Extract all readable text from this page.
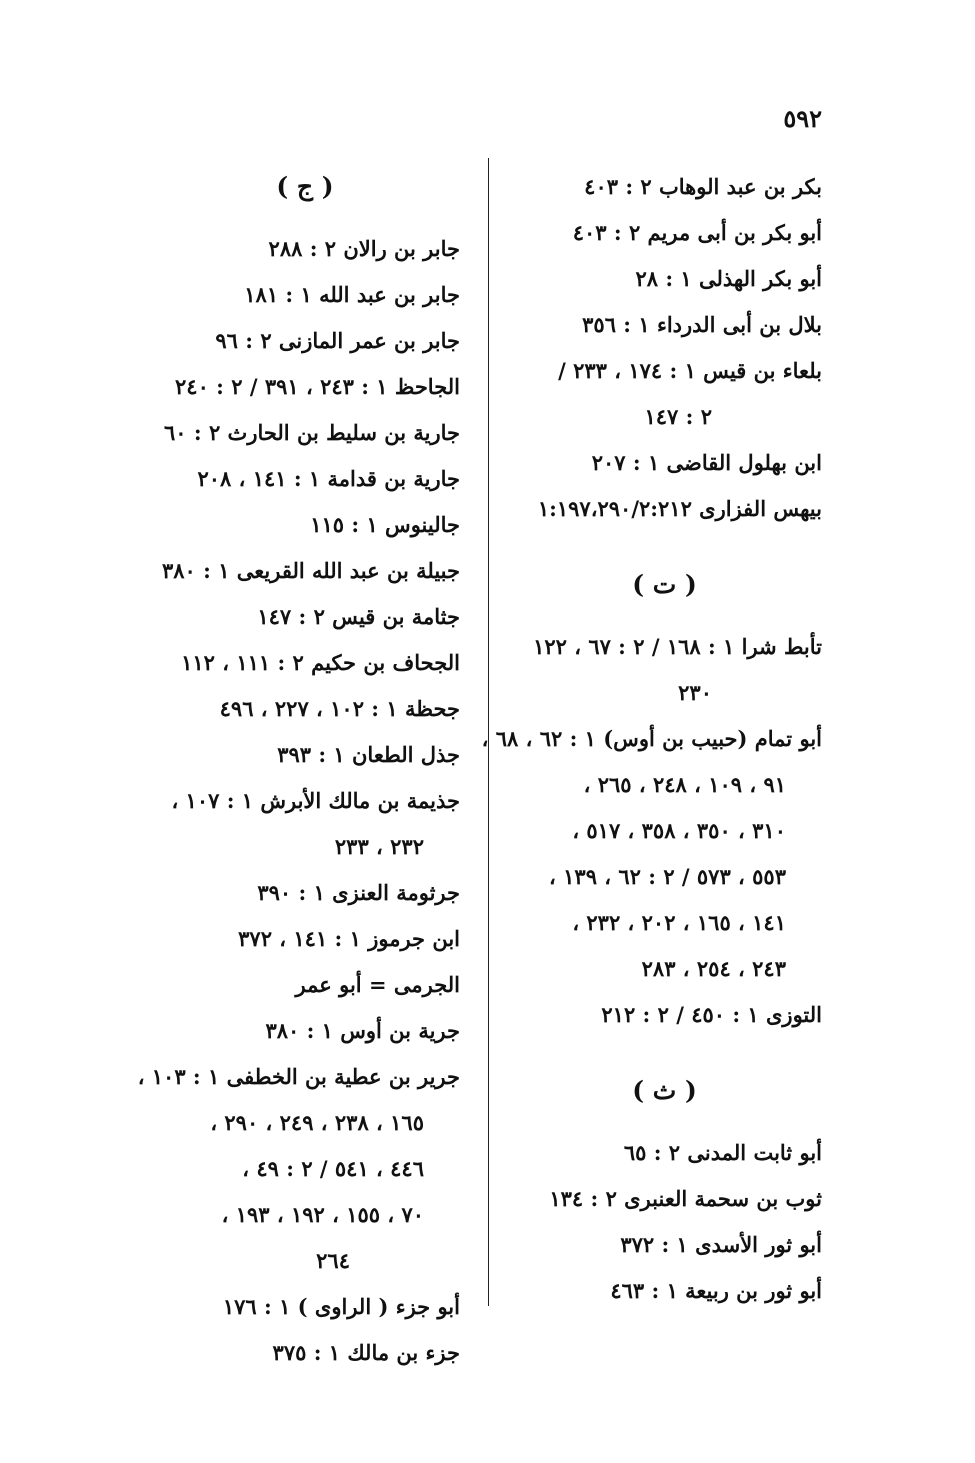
٥٩٢
بكر بن عبد الوهاب ٢ : ٤٠٣
أبو بكر بن أبى مريم ٢ : ٤٠٣
أبو بكر الهذلى ١ : ٢٨
بلال بن أبى الدرداء ١ : ٣٥٦
بلعاء بن قيس ١ : ١٧٤ ، ٢٣٣ /
٢ : ١٤٧
ابن بهلول القاضى ١ : ٢٠٧
بيهس الفزارى ١:١٩٧،٢٩٠/٢:٢١٢
( ت )
تأبط شرا ١ : ١٦٨ / ٢ : ٦٧ ، ١٢٢
٢٣٠
أبو تمام (حبيب بن أوس) ١ : ٦٢ ، ٦٨ ،
٩١ ، ١٠٩ ، ٢٤٨ ، ٢٦٥ ،
٣١٠ ، ٣٥٠ ، ٣٥٨ ، ٥١٧ ،
٥٥٣ ، ٥٧٣ / ٢ : ٦٢ ، ١٣٩ ،
١٤١ ، ١٦٥ ، ٢٠٢ ، ٢٣٢ ،
٢٤٣ ، ٢٥٤ ، ٢٨٣
التوزى ١ : ٤٥٠ / ٢ : ٢١٢
( ث )
أبو ثابت المدنى ٢ : ٦٥
ثوب بن سحمة العنبرى ٢ : ١٣٤
أبو ثور الأسدى ١ : ٣٧٢
أبو ثور بن ربيعة ١ : ٤٦٣
( ج )
جابر بن رالان ٢ : ٢٨٨
جابر بن عبد الله ١ : ١٨١
جابر بن عمر المازنى ٢ : ٩٦
الجاحظ ١ : ٢٤٣ ، ٣٩١ / ٢ : ٢٤٠
جارية بن سليط بن الحارث ٢ : ٦٠
جارية بن قدامة ١ : ١٤١ ، ٢٠٨
جالينوس ١ : ١١٥
جبيلة بن عبد الله القريعى ١ : ٣٨٠
جثامة بن قيس ٢ : ١٤٧
الجحاف بن حكيم ٢ : ١١١ ، ١١٢
جحظة ١ : ١٠٢ ، ٢٢٧ ، ٤٩٦
جذل الطعان ١ : ٣٩٣
جذيمة بن مالك الأبرش ١ : ١٠٧ ،
٢٣٢ ، ٢٣٣
جرثومة العنزى ١ : ٣٩٠
ابن جرموز ١ : ١٤١ ، ٣٧٢
الجرمى = أبو عمر
جرية بن أوس ١ : ٣٨٠
جرير بن عطية بن الخطفى ١ : ١٠٣ ،
١٦٥ ، ٢٣٨ ، ٢٤٩ ، ٢٩٠ ،
٤٤٦ ، ٥٤١ / ٢ : ٤٩ ،
٧٠ ، ١٥٥ ، ١٩٢ ، ١٩٣ ،
٢٦٤
أبو جزء ( الراوى ) ١ : ١٧٦
جزء بن مالك ١ : ٣٧٥
